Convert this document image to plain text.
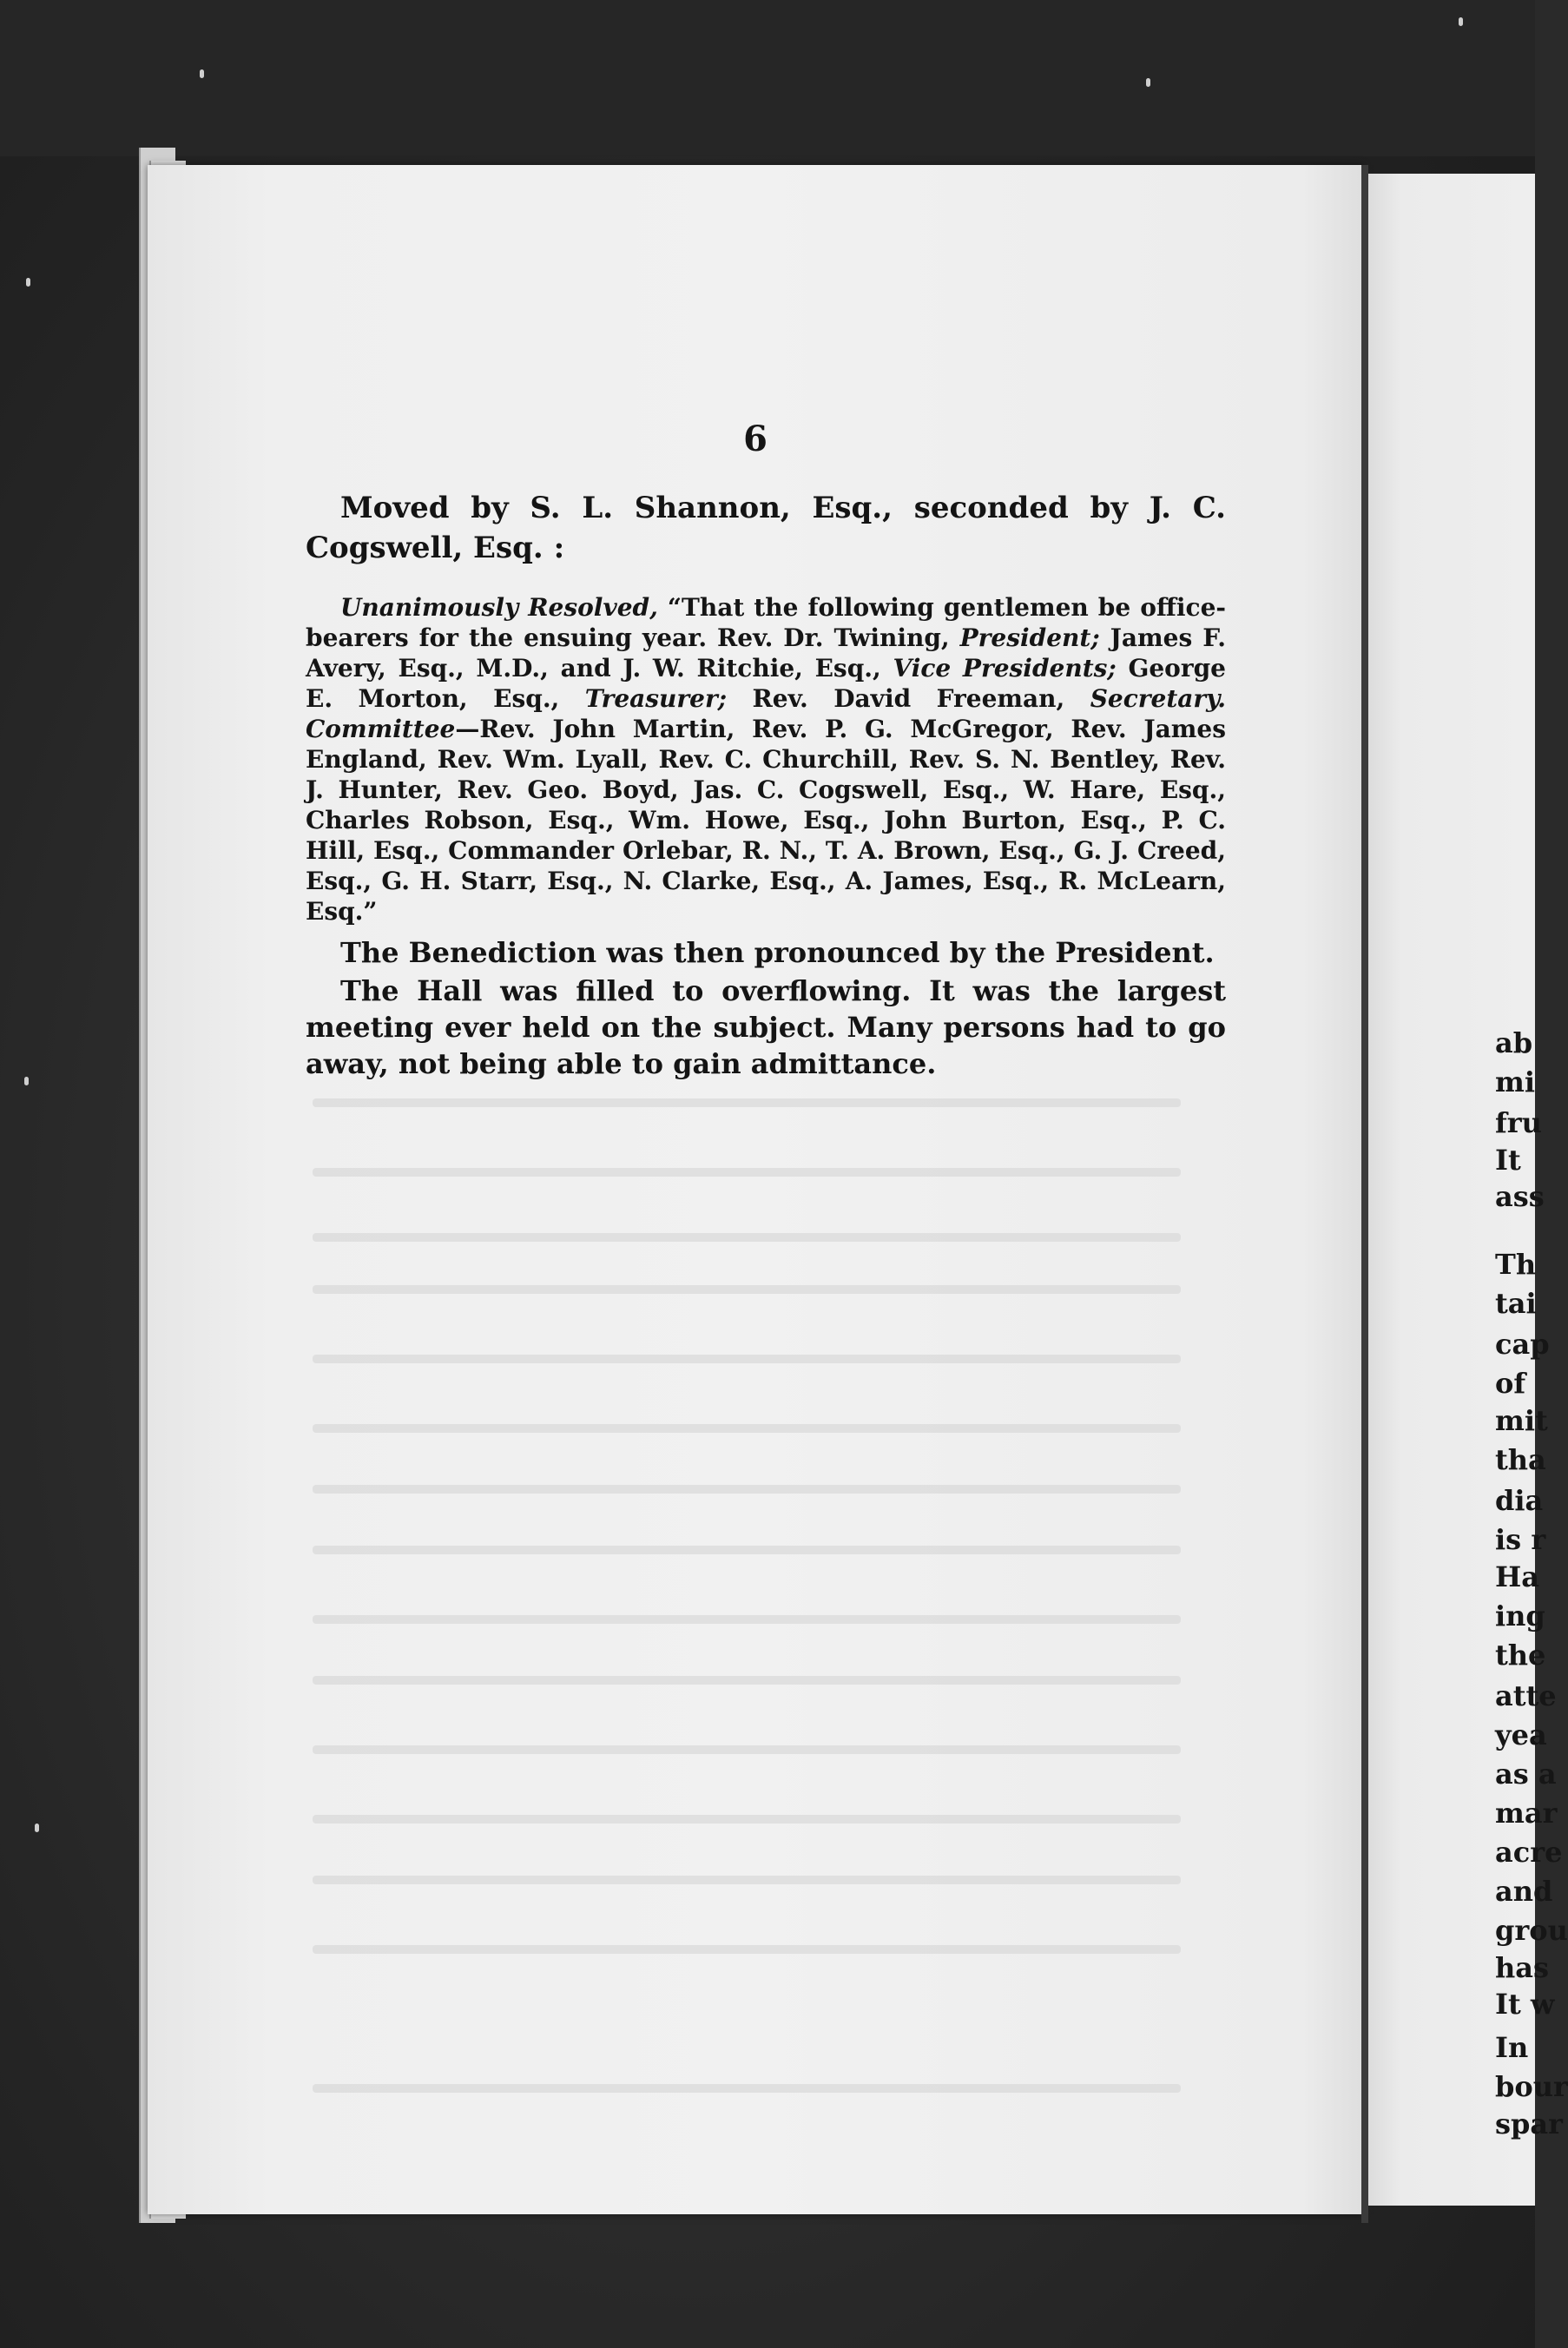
6
Moved by S. L. Shannon, Esq., seconded by J. C. Cogswell, Esq. :
Unanimously Resolved, “That the following gentlemen be office-bearers for the ensuing year. Rev. Dr. Twining, President; James F. Avery, Esq., M.D., and J. W. Ritchie, Esq., Vice Presidents; George E. Morton, Esq., Treasurer; Rev. David Freeman, Secretary. Committee—Rev. John Martin, Rev. P. G. McGregor, Rev. James England, Rev. Wm. Lyall, Rev. C. Churchill, Rev. S. N. Bentley, Rev. J. Hunter, Rev. Geo. Boyd, Jas. C. Cogswell, Esq., W. Hare, Esq., Charles Robson, Esq., Wm. Howe, Esq., John Burton, Esq., P. C. Hill, Esq., Commander Orlebar, R. N., T. A. Brown, Esq., G. J. Creed, Esq., G. H. Starr, Esq., N. Clarke, Esq., A. James, Esq., R. McLearn, Esq.”

The Benediction was then pronounced by the President.

The Hall was filled to overflowing. It was the largest meeting ever held on the subject. Many persons had to go away, not being able to gain admittance.

ab
mi
fru
It
ass
Th
tai
cap
of
mit
tha
dia
is r
Ha
ing
the
atte
yea
as a
mar
acre
and
grou
has
It w
In
bour
spar
